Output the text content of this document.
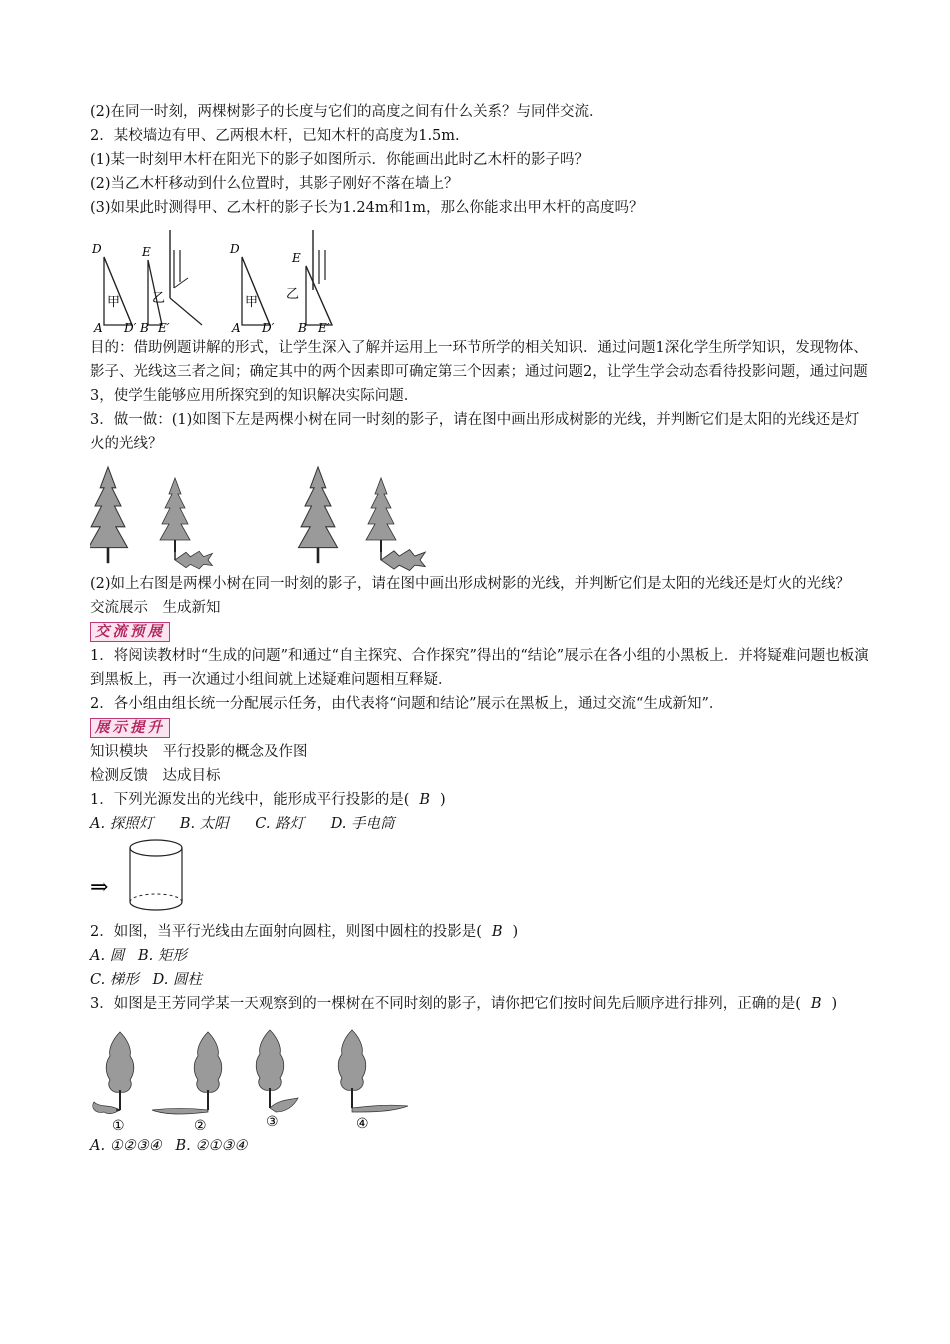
(2)在同一时刻，两棵树影子的长度与它们的高度之间有什么关系？与同伴交流．
2．某校墙边有甲、乙两根木杆，已知木杆的高度为1.5m.
(1)某一时刻甲木杆在阳光下的影子如图所示．你能画出此时乙木杆的影子吗？
(2)当乙木杆移动到什么位置时，其影子刚好不落在墙上？
(3)如果此时测得甲、乙木杆的影子长为1.24m和1m，那么你能求出甲木杆的高度吗？
D
A D′
甲
E
B E′
乙
D
A D′
甲
E
B E′
乙
目的：借助例题讲解的形式，让学生深入了解并运用上一环节所学的相关知识．通过问题1深化学生所学知识，发现物体、影子、光线这三者之间；确定其中的两个因素即可确定第三个因素；通过问题2，让学生学会动态看待投影问题，通过问题3，使学生能够应用所探究到的知识解决实际问题．
3．做一做：(1)如图下左是两棵小树在同一时刻的影子，请在图中画出形成树影的光线，并判断它们是太阳的光线还是灯火的光线？
(2)如上右图是两棵小树在同一时刻的影子，请在图中画出形成树影的光线，并判断它们是太阳的光线还是灯火的光线？
交流展示　生成新知
交流预展
1．将阅读教材时“生成的问题”和通过“自主探究、合作探究”得出的“结论”展示在各小组的小黑板上．并将疑难问题也板演到黑板上，再一次通过小组间就上述疑难问题相互释疑．
2．各小组由组长统一分配展示任务，由代表将“问题和结论”展示在黑板上，通过交流“生成新知”．
展示提升
知识模块　平行投影的概念及作图
检测反馈　达成目标
1．下列光源发出的光线中，能形成平行投影的是( B )
A. 探照灯 B. 太阳 C. 路灯 D. 手电筒
⇒
2．如图，当平行光线由左面射向圆柱，则图中圆柱的投影是( B )
A. 圆 B. 矩形
C. 梯形 D. 圆柱
3．如图是王芳同学某一天观察到的一棵树在不同时刻的影子，请你把它们按时间先后顺序进行排列，正确的是( B )
①	②	③	④
A. ①②③④ B. ②①③④
